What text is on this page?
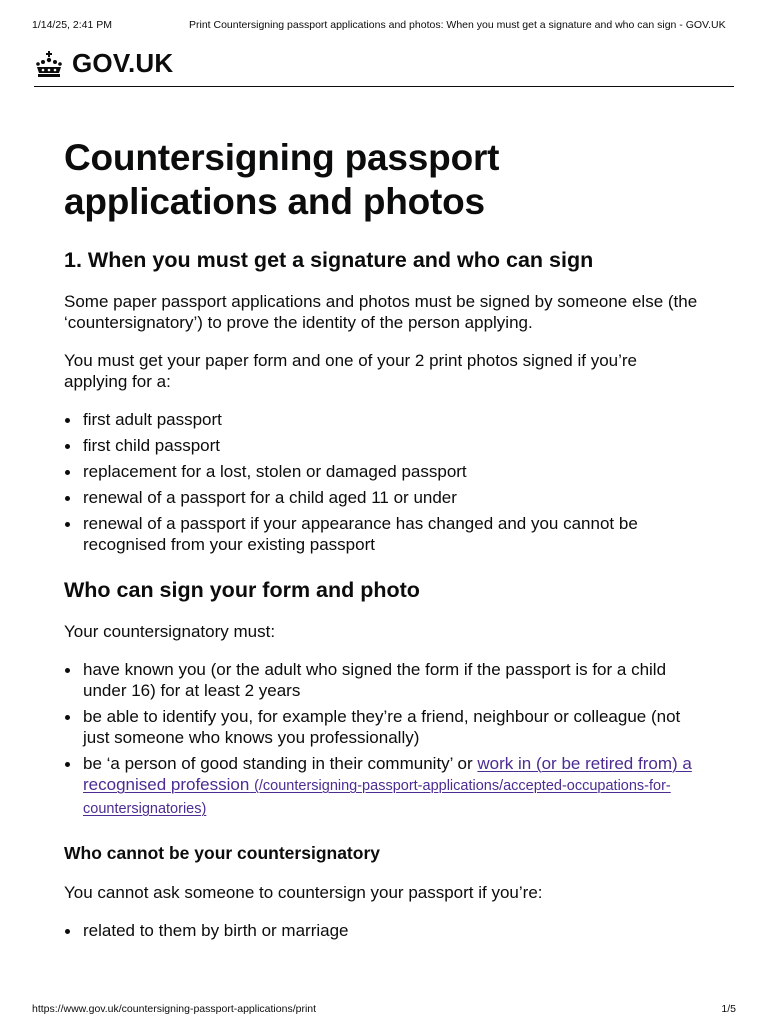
1/14/25, 2:41 PM	Print Countersigning passport applications and photos: When you must get a signature and who can sign - GOV.UK
GOV.UK
Countersigning passport applications and photos
1. When you must get a signature and who can sign

Some paper passport applications and photos must be signed by someone else (the ‘countersignatory’) to prove the identity of the person applying.

You must get your paper form and one of your 2 print photos signed if you’re applying for a:

first adult passport
first child passport
replacement for a lost, stolen or damaged passport
renewal of a passport for a child aged 11 or under
renewal of a passport if your appearance has changed and you cannot be recognised from your existing passport
Who can sign your form and photo

Your countersignatory must:

have known you (or the adult who signed the form if the passport is for a child under 16) for at least 2 years
be able to identify you, for example they’re a friend, neighbour or colleague (not just someone who knows you professionally)
be ‘a person of good standing in their community’ or work in (or be retired from) a recognised profession (/countersigning-passport-applications/accepted-occupations-for-countersignatories)
Who cannot be your countersignatory

You cannot ask someone to countersign your passport if you’re:

related to them by birth or marriage
https://www.gov.uk/countersigning-passport-applications/print	1/5
